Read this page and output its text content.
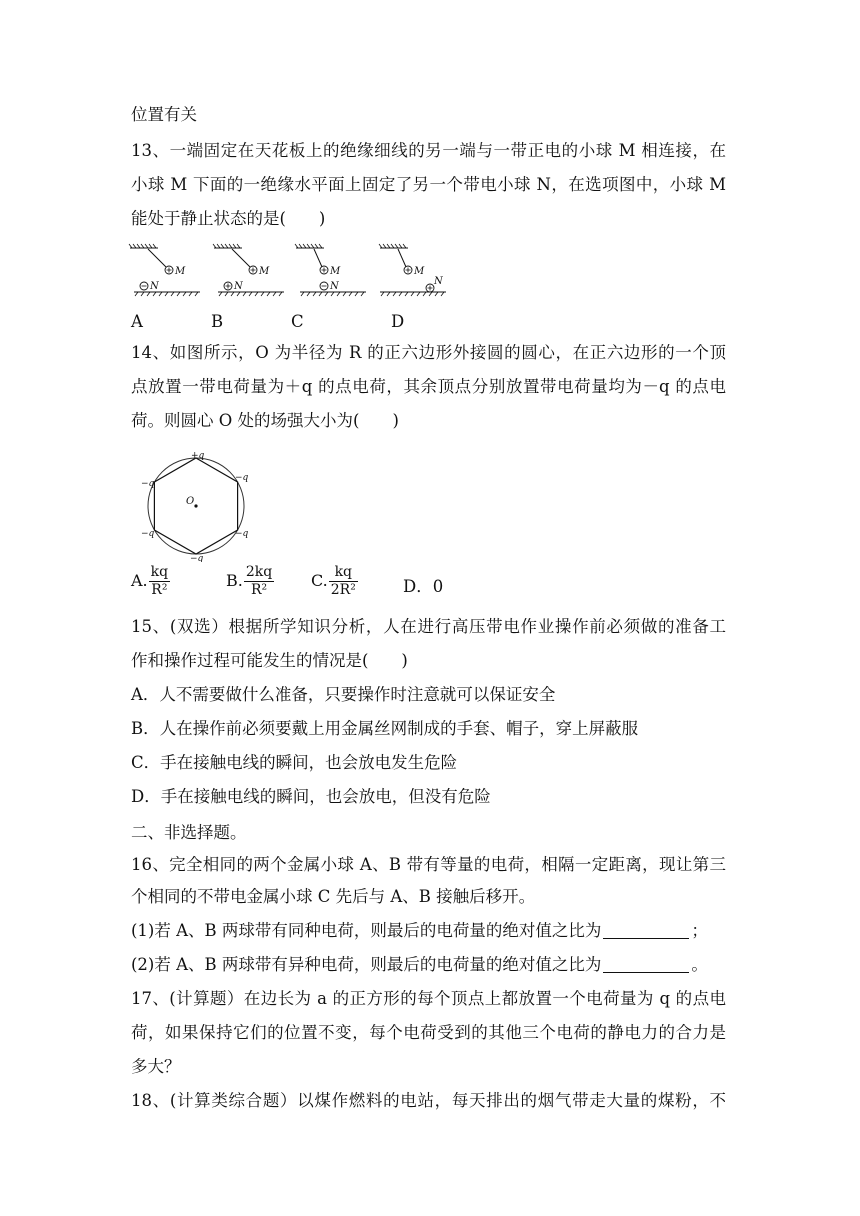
位置有关
13、一端固定在天花板上的绝缘细线的另一端与一带正电的小球 M 相连接，在
小球 M 下面的一绝缘水平面上固定了另一个带电小球 N，在选项图中，小球 M
能处于静止状态的是(　　)
M
N
M
N
M
N
M
N
A	B	C	D
14、如图所示，O 为半径为 R 的正六边形外接圆的圆心，在正六边形的一个顶
点放置一带电荷量为＋q 的点电荷，其余顶点分别放置带电荷量均为－q 的点电
荷。则圆心 O 处的场强大小为(　　)
+q
−q
−q
−q
−q
−q
O
A. $\frac{kq}{\text{R²}}$	B. $\frac{2kq}{\text{R²}} C$. $\frac{kq}{\text{2R²}}$	D．0
15、(双选）根据所学知识分析，人在进行高压带电作业操作前必须做的准备工
作和操作过程可能发生的情况是(　　)
A．人不需要做什么准备，只要操作时注意就可以保证安全
B．人在操作前必须要戴上用金属丝网制成的手套、帽子，穿上屏蔽服
C．手在接触电线的瞬间，也会放电发生危险
D．手在接触电线的瞬间，也会放电，但没有危险
二、非选择题。
16、完全相同的两个金属小球 A、B 带有等量的电荷，相隔一定距离，现让第三
个相同的不带电金属小球 C 先后与 A、B 接触后移开。
(1)若 A、B 两球带有同种电荷，则最后的电荷量的绝对值之比为	；
(2)若 A、B 两球带有异种电荷，则最后的电荷量的绝对值之比为	。
17、(计算题）在边长为 a 的正方形的每个顶点上都放置一个电荷量为 q 的点电
荷，如果保持它们的位置不变，每个电荷受到的其他三个电荷的静电力的合力是
多大？
18、(计算类综合题）以煤作燃料的电站，每天排出的烟气带走大量的煤粉，不
